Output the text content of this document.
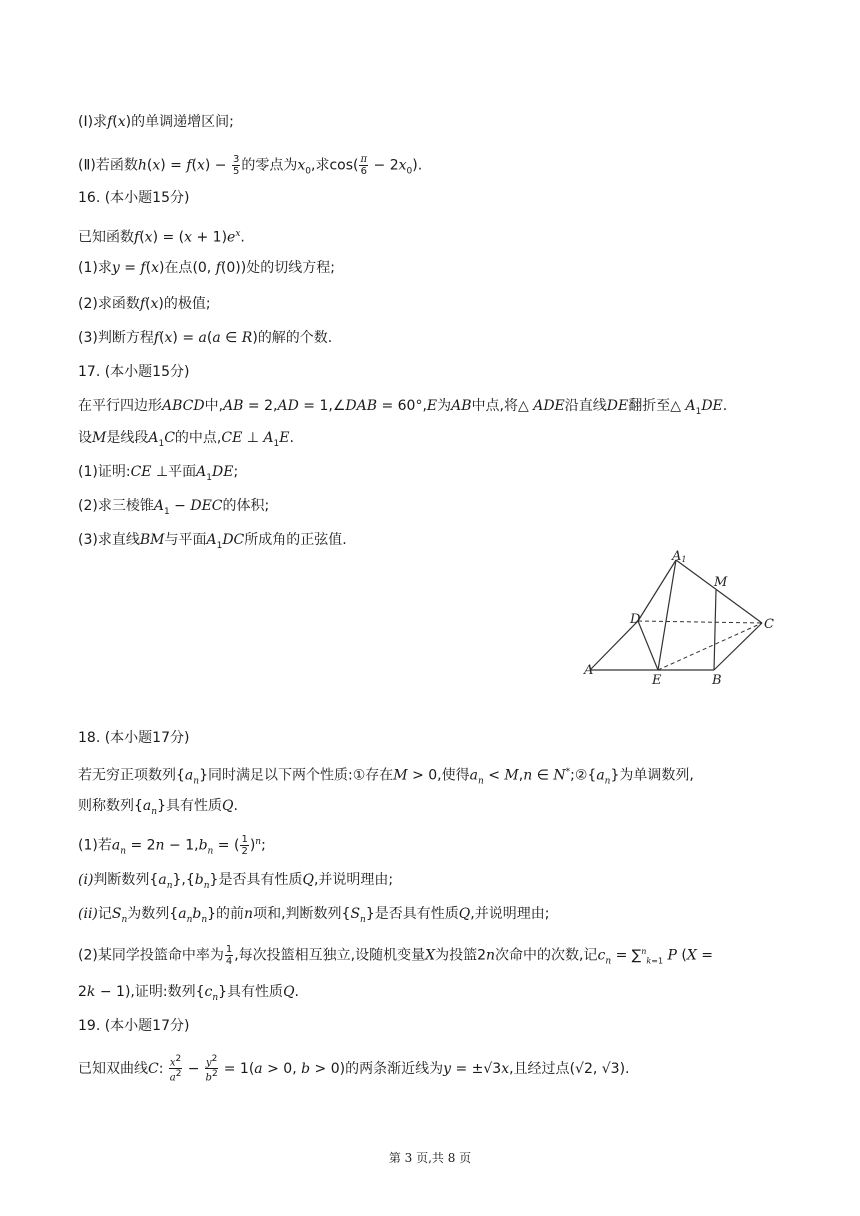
(Ⅰ)求f(x)的单调递增区间;
(Ⅱ)若函数$h(x) = f(x) - \frac{3}{5}$ 的零点为$x_0$,求$\cos( \frac{\pi}{6} - 2x_0)$.
16. (本小题15分)
已知函数$f(x) = (x + 1)e^x$.
(1)求y = f(x)在点(0, f(0))处的切线方程;
(2)求函数f(x)的极值;
(3)判断方程f(x) = a(a ∈ R)的解的个数.
17. (本小题15分)
在平行四边形ABCD中,AB = 2,AD = 1,∠DAB = 60°,E为AB中点,将△ ADE沿直线DE翻折至△ $A_1DE$.
设M是线段$A_1C$的中点,CE ⊥ $A_1E$.
(1)证明:CE ⊥平面$A_1DE$;
(2)求三棱锥$A_1$ − DEC的体积;
(3)求直线BM与平面$A_1DC$所成角的正弦值.
A1
M
D	C
A
E	B
18. (本小题17分)
若无穷正项数列$\{a_n\}$同时满足以下两个性质:①存在M > 0,使得$a_n < M,n$ ∈ $N^*;②\{a_n\}$为单调数列,
则称数列$\{a_n\}$具有性质Q.
(1)若$a_n = 2n - 1,b_n$ = ( $\frac{1}{2} )^n$;
(i)判断数列$\{a_n\},\{b_n\}$是否具有性质Q,并说明理由;
(ii)记$S_n$为数列$\{a_nb_n\}$的前n项和,判断数列$\{S_n\}$是否具有性质Q,并说明理由;
(2)某同学投篮命中率为 $\frac{1}{4}$ ,每次投篮相互独立,设随机变量X为投篮2n次命中的次数,记$c_n = \sum^n_{k=1}$ P (X =
2k − 1),证明:数列$\{c_n\}$具有性质Q.
19. (本小题17分)
已知双曲线C: $\frac{x^2}{a^2} - \frac{y^2}{b^2} = 1(a > 0$, b > 0)的两条渐近线为y = ±√3x,且经过点(√2, √3).
第 3 页,共 8 页
